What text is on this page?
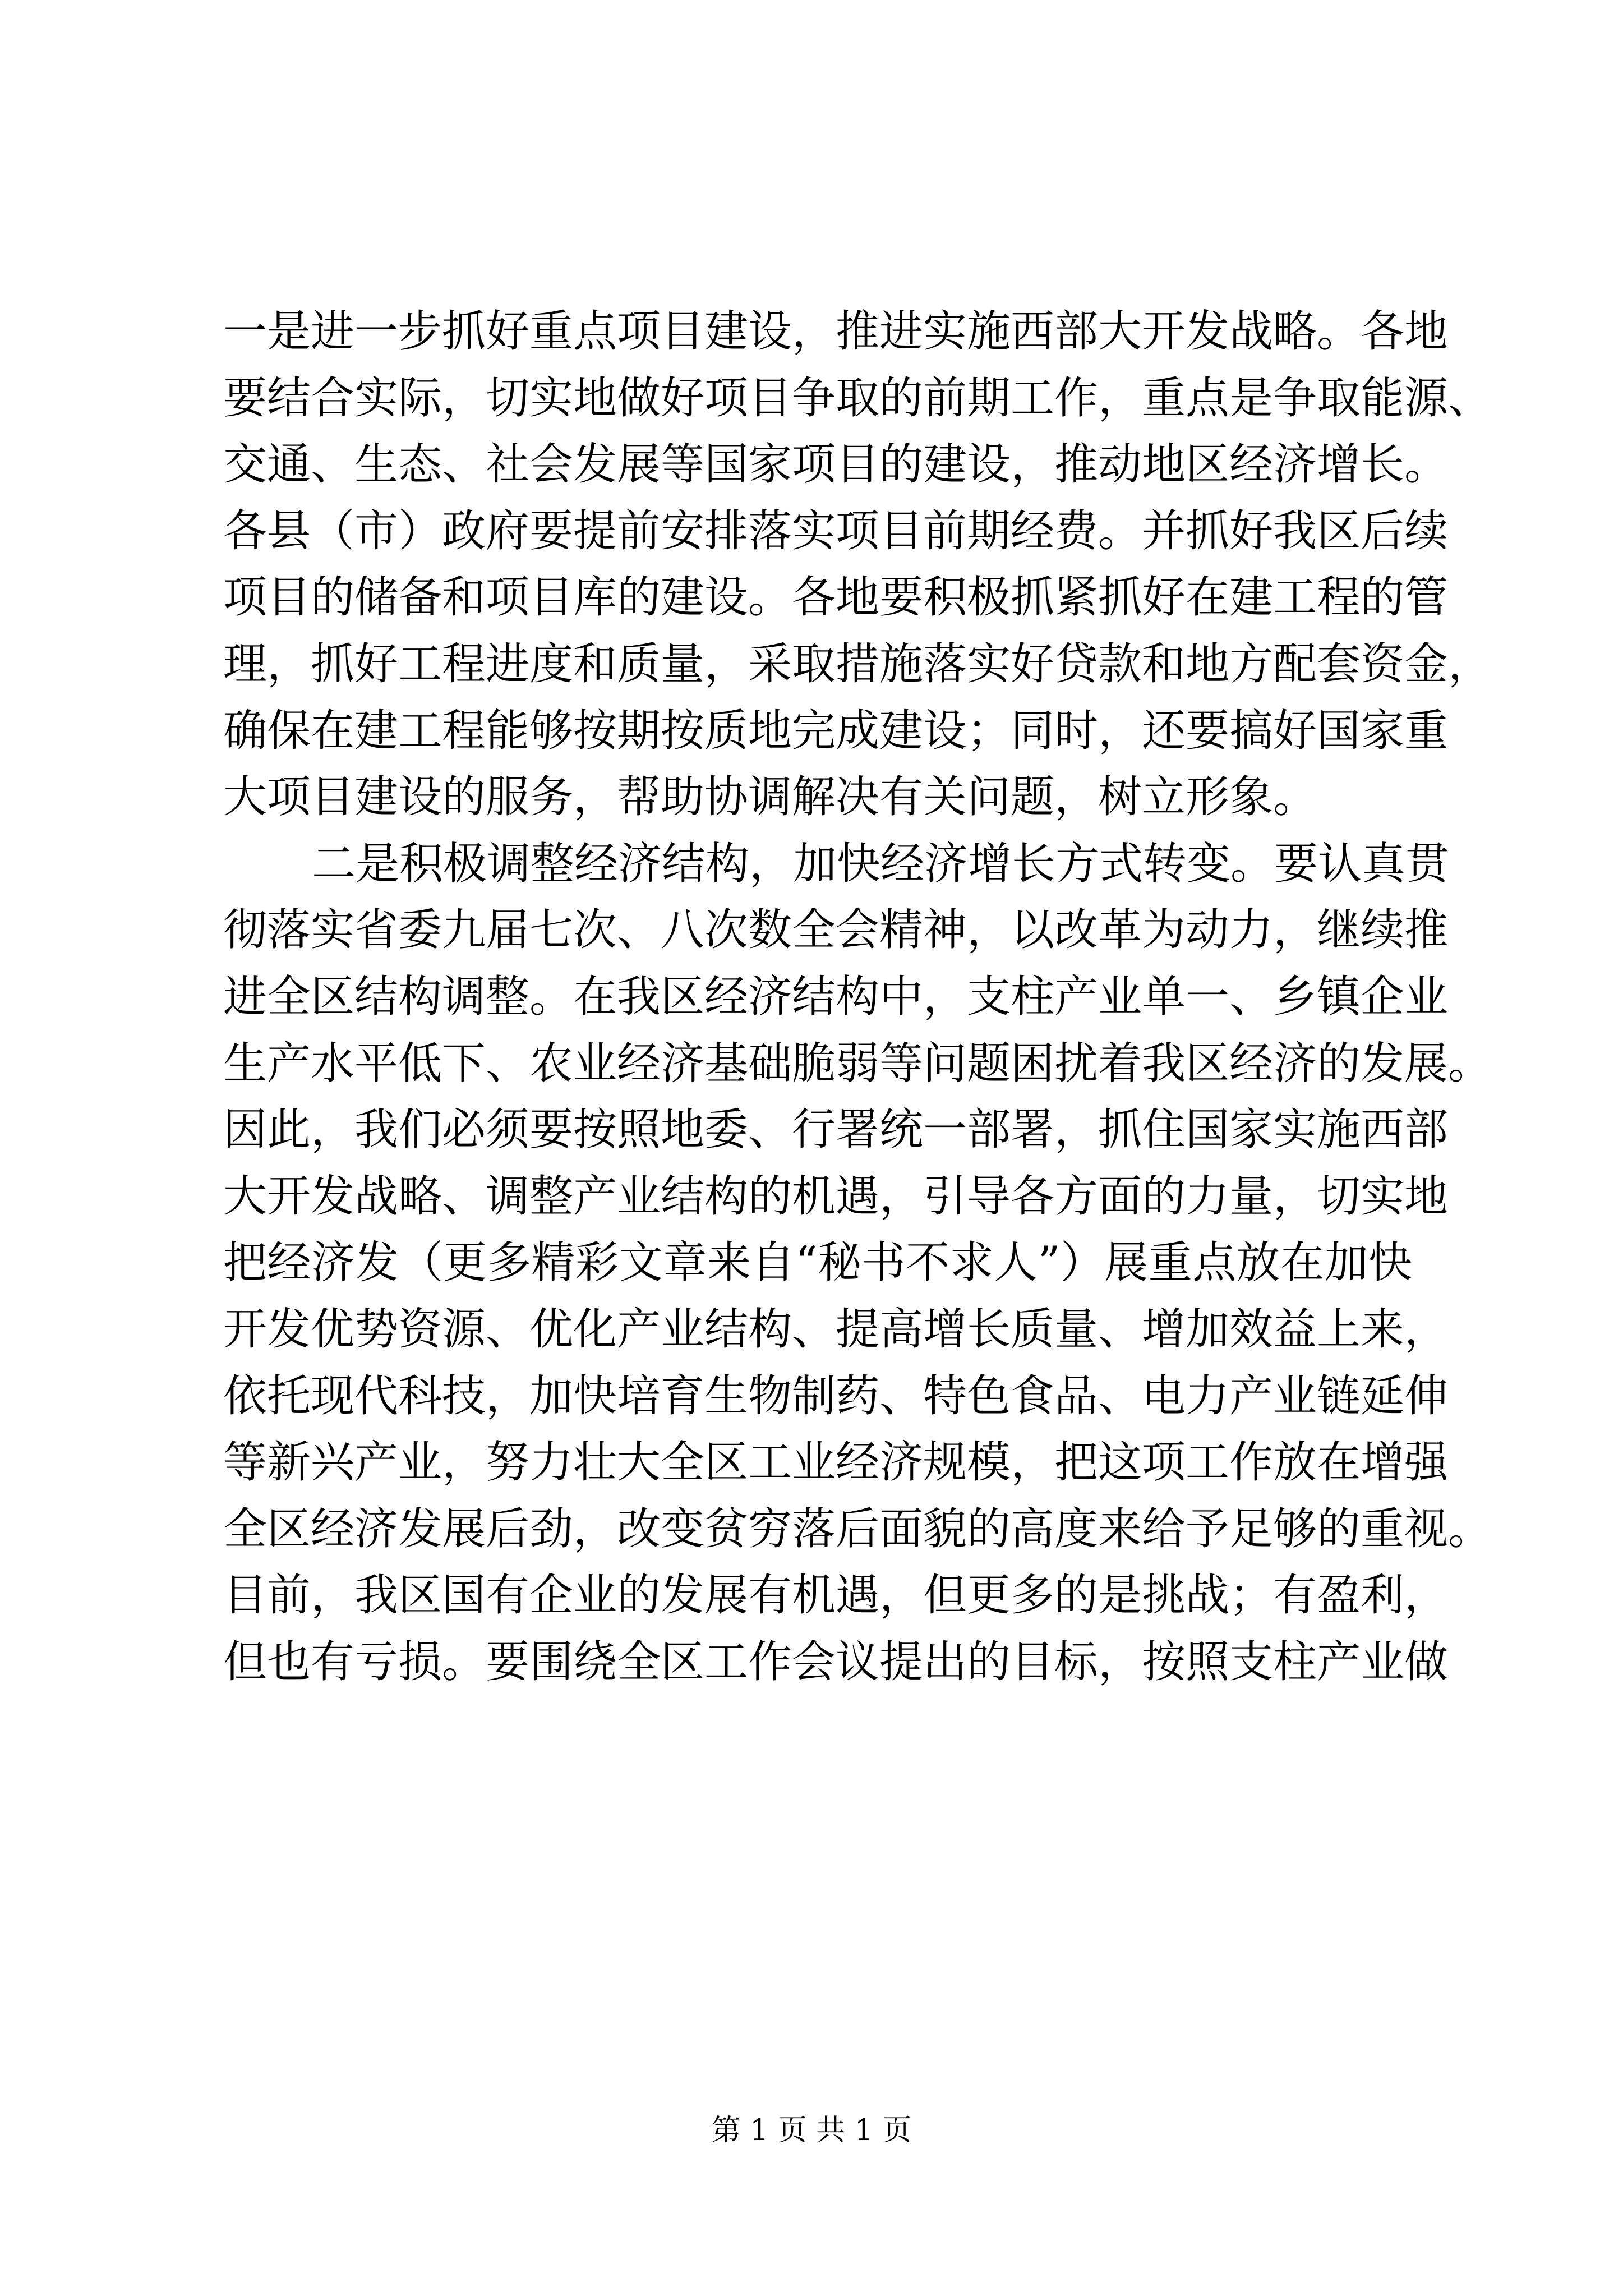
一是进一步抓好重点项目建设，推进实施西部大开发战略。各地
要结合实际，切实地做好项目争取的前期工作，重点是争取能源、
交通、生态、社会发展等国家项目的建设，推动地区经济增长。
各县（市）政府要提前安排落实项目前期经费。并抓好我区后续
项目的储备和项目库的建设。各地要积极抓紧抓好在建工程的管
理，抓好工程进度和质量，采取措施落实好贷款和地方配套资金，
确保在建工程能够按期按质地完成建设；同时，还要搞好国家重
大项目建设的服务，帮助协调解决有关问题，树立形象。
二是积极调整经济结构，加快经济增长方式转变。要认真贯
彻落实省委九届七次、八次数全会精神，以改革为动力，继续推
进全区结构调整。在我区经济结构中，支柱产业单一、乡镇企业
生产水平低下、农业经济基础脆弱等问题困扰着我区经济的发展。
因此，我们必须要按照地委、行署统一部署，抓住国家实施西部
大开发战略、调整产业结构的机遇，引导各方面的力量，切实地
把经济发（更多精彩文章来自“秘书不求人”）展重点放在加快
开发优势资源、优化产业结构、提高增长质量、增加效益上来，
依托现代科技，加快培育生物制药、特色食品、电力产业链延伸
等新兴产业，努力壮大全区工业经济规模，把这项工作放在增强
全区经济发展后劲，改变贫穷落后面貌的高度来给予足够的重视。
目前，我区国有企业的发展有机遇，但更多的是挑战；有盈利，
但也有亏损。要围绕全区工作会议提出的目标，按照支柱产业做
第 1 页 共 1 页
